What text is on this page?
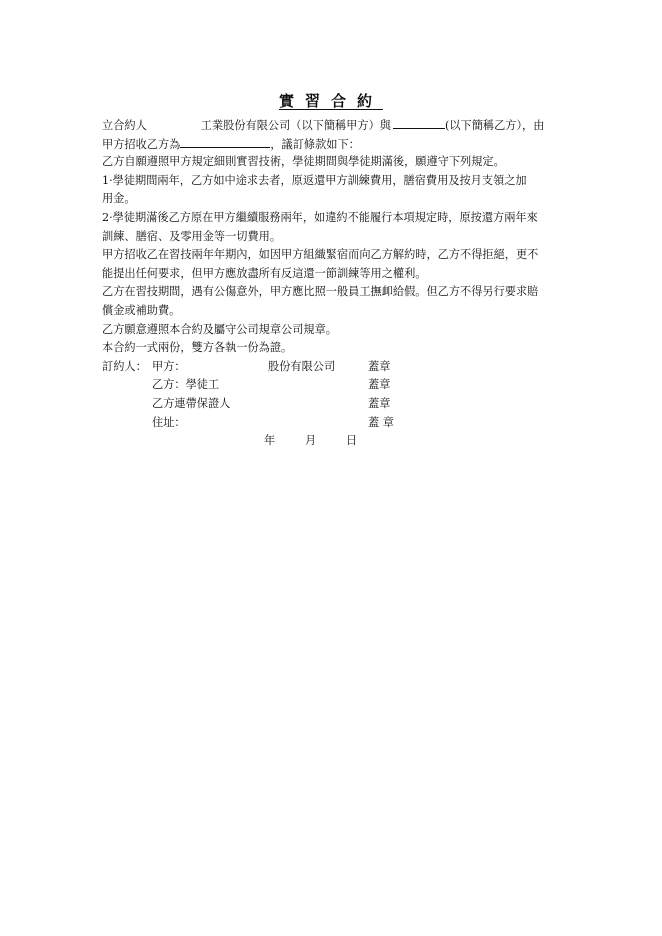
實習合約
立合約人	工業股份有限公司（以下簡稱甲方）與	(以下簡稱乙方），由
甲方招收乙方為	，議訂條款如下：
乙方自願遵照甲方規定細則實習技術，學徒期間與學徒期滿後，願遵守下列規定。
1·學徒期間兩年，乙方如中途求去者，原返還甲方訓練費用，膳宿費用及按月支領之加
用金。
2·學徒期滿後乙方原在甲方繼續服務兩年，如違約不能履行本項規定時，原按還方兩年來
訓練、膳宿、及零用金等一切費用。
甲方招收乙在習技兩年年期內，如因甲方組織緊宿而向乙方解約時，乙方不得拒絕，更不
能提出任何要求，但甲方應放盡所有反這還一節訓練等用之權利。
乙方在習技期間，遇有公傷意外，甲方應比照一般員工撫卹給假。但乙方不得另行要求賠
償金或補助費。
乙方願意遵照本合約及屬守公司規章公司規章。
本合約一式兩份，雙方各執一份為證。
訂約人： 甲方：	股份有限公司	蓋章
乙方：學徒工	蓋章
乙方連帶保證人	蓋章
住址：	蓋 章
年	月	日
